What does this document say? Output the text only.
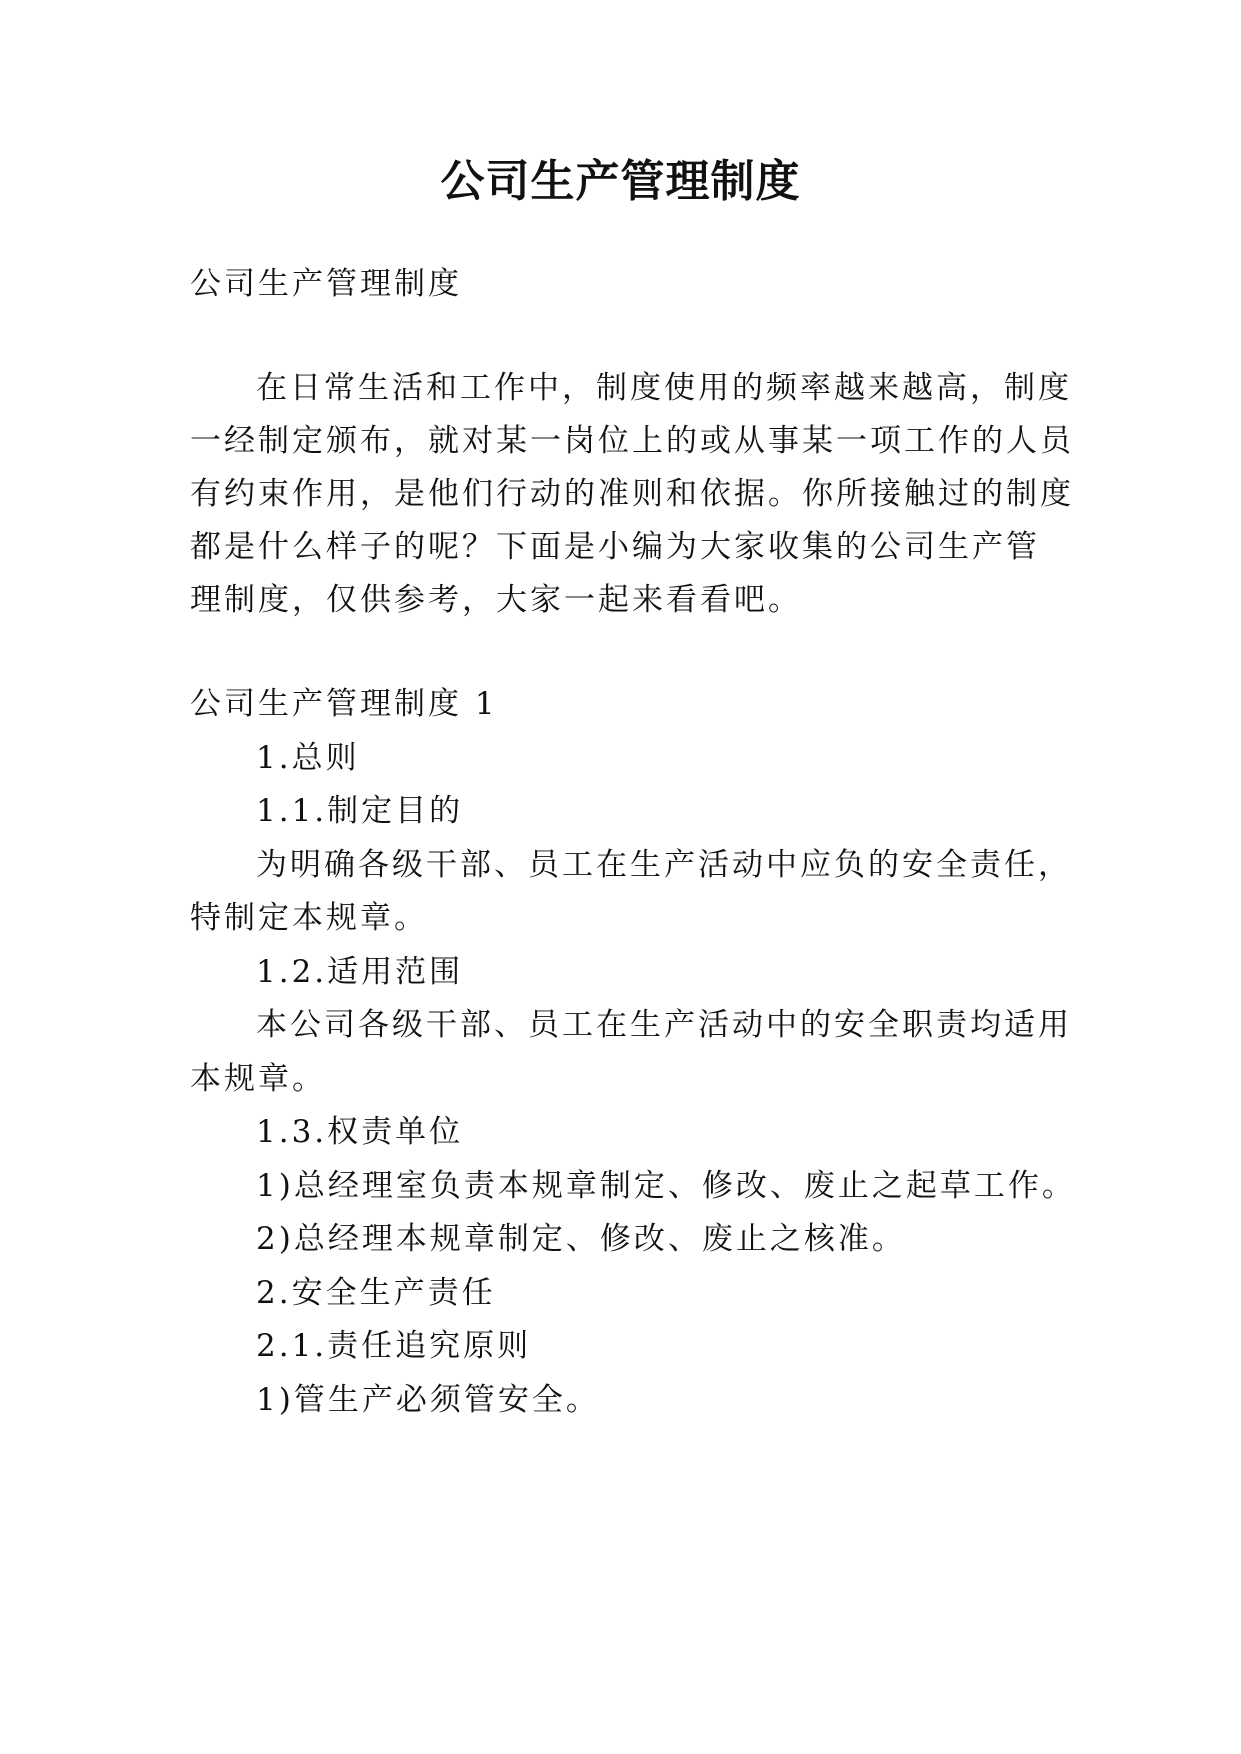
公司生产管理制度

公司生产管理制度

在日常生活和工作中，制度使用的频率越来越高，制度

一经制定颁布，就对某一岗位上的或从事某一项工作的人员

有约束作用，是他们行动的准则和依据。你所接触过的制度

都是什么样子的呢？下面是小编为大家收集的公司生产管

理制度，仅供参考，大家一起来看看吧。

公司生产管理制度 1

1.总则

1.1.制定目的

为明确各级干部、员工在生产活动中应负的安全责任，

特制定本规章。

1.2.适用范围

本公司各级干部、员工在生产活动中的安全职责均适用

本规章。

1.3.权责单位

1)总经理室负责本规章制定、修改、废止之起草工作。

2)总经理本规章制定、修改、废止之核准。

2.安全生产责任

2.1.责任追究原则

1)管生产必须管安全。
